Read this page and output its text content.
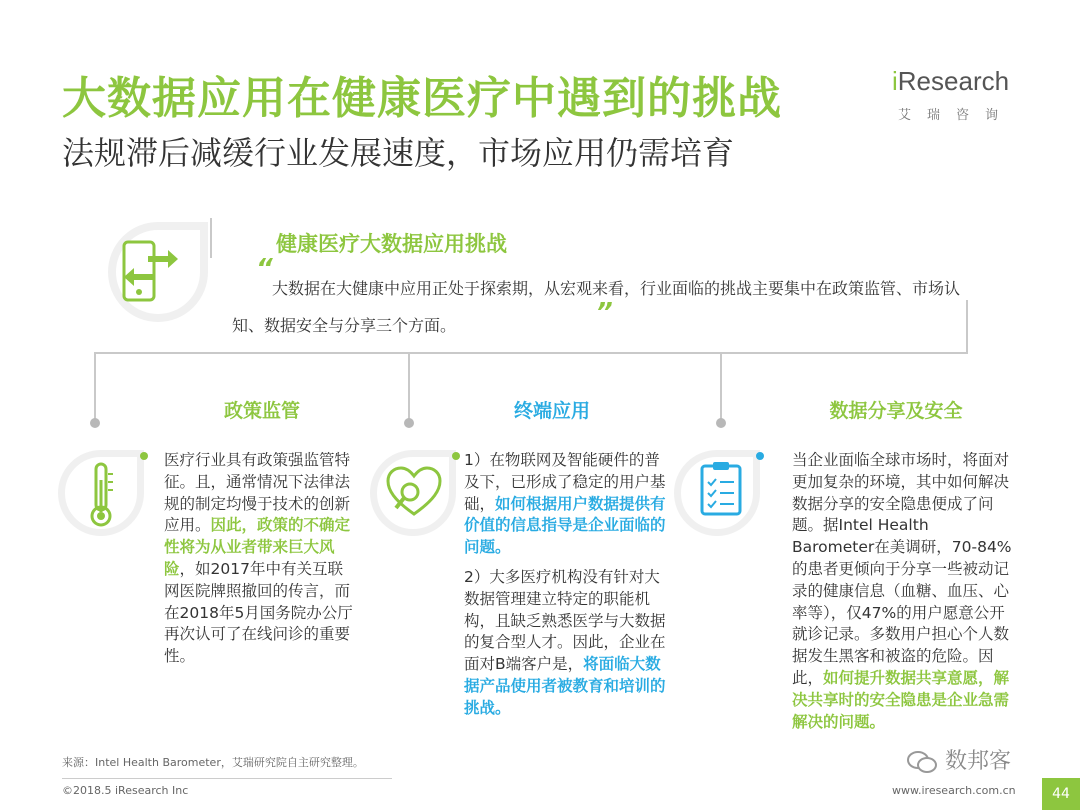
大数据应用在健康医疗中遇到的挑战
法规滞后减缓行业发展速度，市场应用仍需培育
iResearch
艾瑞咨询
健康医疗大数据应用挑战
“
大数据在大健康中应用正处于探索期，从宏观来看，行业面临的挑战主要集中在政策监管、市场认知、数据安全与分享三个方面。	”
政策监管	终端应用	数据分享及安全
医疗行业具有政策强监管特征。且，通常情况下法律法规的制定均慢于技术的创新应用。因此，政策的不确定性将为从业者带来巨大风险，如2017年中有关互联网医院牌照撤回的传言，而在2018年5月国务院办公厅再次认可了在线问诊的重要性。

1）在物联网及智能硬件的普及下，已形成了稳定的用户基础，如何根据用户数据提供有价值的信息指导是企业面临的问题。

2）大多医疗机构没有针对大数据管理建立特定的职能机构，且缺乏熟悉医学与大数据的复合型人才。因此，企业在面对B端客户是，将面临大数据产品使用者被教育和培训的挑战。

当企业面临全球市场时，将面对更加复杂的环境，其中如何解决数据分享的安全隐患便成了问题。据Intel Health Barometer在美调研，70-84%的患者更倾向于分享一些被动记录的健康信息（血糖、血压、心率等），仅47%的用户愿意公开就诊记录。多数用户担心个人数据发生黑客和被盗的危险。因此，如何提升数据共享意愿，解决共享时的安全隐患是企业急需解决的问题。
来源：Intel Health Barometer，艾瑞研究院自主研究整理。
©2018.5 iResearch Inc	www.iresearch.com.cn	44
数邦客
